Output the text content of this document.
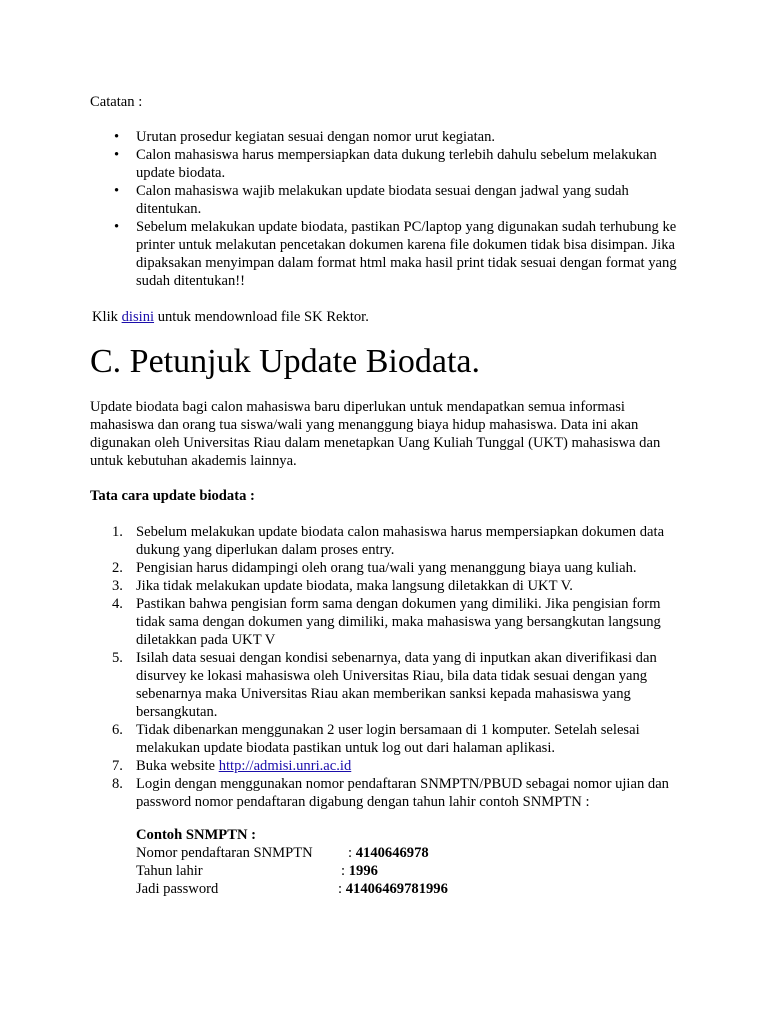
Catatan :
• Urutan prosedur kegiatan sesuai dengan nomor urut kegiatan.
• Calon mahasiswa harus mempersiapkan data dukung terlebih dahulu sebelum melakukan update biodata.
• Calon mahasiswa wajib melakukan update biodata sesuai dengan jadwal yang sudah ditentukan.
• Sebelum melakukan update biodata, pastikan PC/laptop yang digunakan sudah terhubung ke printer untuk melakutan pencetakan dokumen karena file dokumen tidak bisa disimpan. Jika dipaksakan menyimpan dalam format html maka hasil print tidak sesuai dengan format yang sudah ditentukan!!
Klik disini untuk mendownload file SK Rektor.
C. Petunjuk Update Biodata.

Update biodata bagi calon mahasiswa baru diperlukan untuk mendapatkan semua informasi mahasiswa dan orang tua siswa/wali yang menanggung biaya hidup mahasiswa. Data ini akan digunakan oleh Universitas Riau dalam menetapkan Uang Kuliah Tunggal (UKT) mahasiswa dan untuk kebutuhan akademis lainnya.

Tata cara update biodata :
1. Sebelum melakukan update biodata calon mahasiswa harus mempersiapkan dokumen data dukung yang diperlukan dalam proses entry.
2. Pengisian harus didampingi oleh orang tua/wali yang menanggung biaya uang kuliah.
3. Jika tidak melakukan update biodata, maka langsung diletakkan di UKT V.
4. Pastikan bahwa pengisian form sama dengan dokumen yang dimiliki. Jika pengisian form tidak sama dengan dokumen yang dimiliki, maka mahasiswa yang bersangkutan langsung diletakkan pada UKT V
5. Isilah data sesuai dengan kondisi sebenarnya, data yang di inputkan akan diverifikasi dan disurvey ke lokasi mahasiswa oleh Universitas Riau, bila data tidak sesuai dengan yang sebenarnya maka Universitas Riau akan memberikan sanksi kepada mahasiswa yang bersangkutan.
6. Tidak dibenarkan menggunakan 2 user login bersamaan di 1 komputer. Setelah selesai melakukan update biodata pastikan untuk log out dari halaman aplikasi.
7. Buka website http://admisi.unri.ac.id
8. Login dengan menggunakan nomor pendaftaran SNMPTN/PBUD sebagai nomor ujian dan password nomor pendaftaran digabung dengan tahun lahir contoh SNMPTN :
Contoh SNMPTN :
Nomor pendaftaran SNMPTN : 4140646978
Tahun lahir	: 1996
Jadi password	: 41406469781996
